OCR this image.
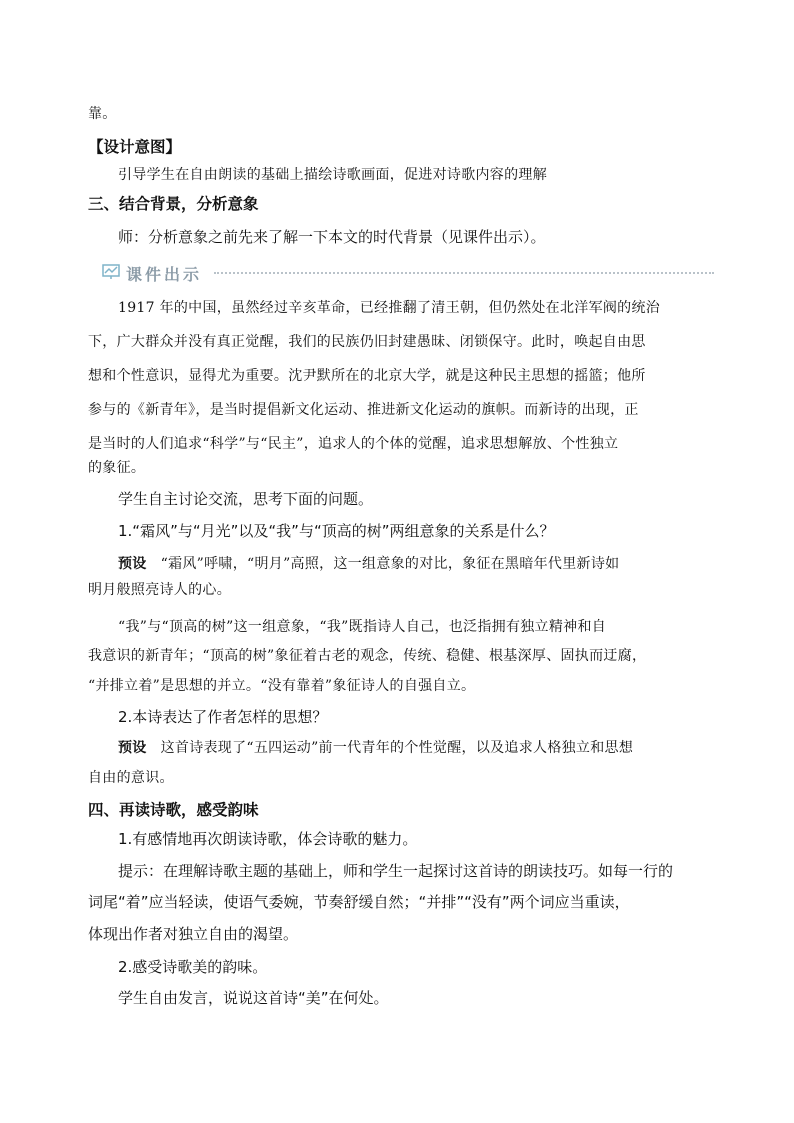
靠。
【设计意图】
引导学生在自由朗读的基础上描绘诗歌画面，促进对诗歌内容的理解
三、结合背景，分析意象
师：分析意象之前先来了解一下本文的时代背景（见课件出示）。
课件出示
1917 年的中国，虽然经过辛亥革命，已经推翻了清王朝，但仍然处在北洋军阀的统治
下，广大群众并没有真正觉醒，我们的民族仍旧封建愚昧、闭锁保守。此时，唤起自由思
想和个性意识，显得尤为重要。沈尹默所在的北京大学，就是这种民主思想的摇篮；他所
参与的《新青年》，是当时提倡新文化运动、推进新文化运动的旗帜。而新诗的出现，正
是当时的人们追求“科学”与“民主”，追求人的个体的觉醒，追求思想解放、个性独立
的象征。
学生自主讨论交流，思考下面的问题。
1.“霜风”与“月光”以及“我”与“顶高的树”两组意象的关系是什么？
预设 “霜风”呼啸，“明月”高照，这一组意象的对比，象征在黑暗年代里新诗如
明月般照亮诗人的心。
“我”与“顶高的树”这一组意象，“我”既指诗人自己，也泛指拥有独立精神和自
我意识的新青年；“顶高的树”象征着古老的观念，传统、稳健、根基深厚、固执而迂腐，
“并排立着”是思想的并立。“没有靠着”象征诗人的自强自立。
2.本诗表达了作者怎样的思想？
预设 这首诗表现了“五四运动”前一代青年的个性觉醒，以及追求人格独立和思想
自由的意识。
四、再读诗歌，感受韵味
1.有感情地再次朗读诗歌，体会诗歌的魅力。
提示：在理解诗歌主题的基础上，师和学生一起探讨这首诗的朗读技巧。如每一行的
词尾“着”应当轻读，使语气委婉，节奏舒缓自然；“并排”“没有”两个词应当重读，
体现出作者对独立自由的渴望。
2.感受诗歌美的韵味。
学生自由发言，说说这首诗“美”在何处。
